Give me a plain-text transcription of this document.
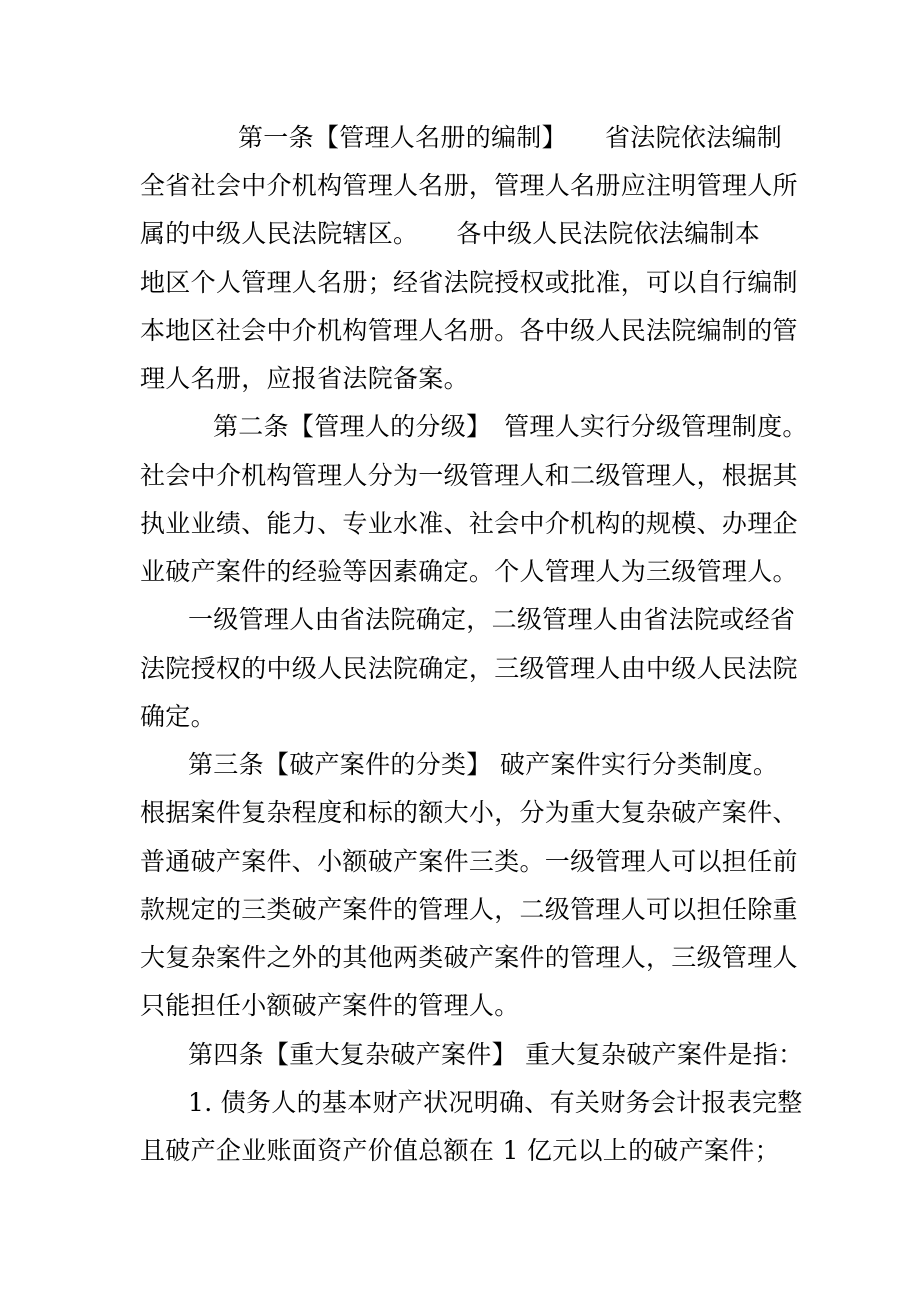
第一条【管理人名册的编制】　　省法院依法编制
全省社会中介机构管理人名册，管理人名册应注明管理人所
属的中级人民法院辖区。　　各中级人民法院依法编制本
地区个人管理人名册；经省法院授权或批准，可以自行编制
本地区社会中介机构管理人名册。各中级人民法院编制的管
理人名册，应报省法院备案。
第二条【管理人的分级】　管理人实行分级管理制度。
社会中介机构管理人分为一级管理人和二级管理人，根据其
执业业绩、能力、专业水准、社会中介机构的规模、办理企
业破产案件的经验等因素确定。个人管理人为三级管理人。
一级管理人由省法院确定，二级管理人由省法院或经省
法院授权的中级人民法院确定，三级管理人由中级人民法院
确定。
第三条【破产案件的分类】 破产案件实行分类制度。
根据案件复杂程度和标的额大小，分为重大复杂破产案件、
普通破产案件、小额破产案件三类。一级管理人可以担任前
款规定的三类破产案件的管理人，二级管理人可以担任除重
大复杂案件之外的其他两类破产案件的管理人，三级管理人
只能担任小额破产案件的管理人。
第四条【重大复杂破产案件】 重大复杂破产案件是指：
1. 债务人的基本财产状况明确、有关财务会计报表完整
且破产企业账面资产价值总额在 1 亿元以上的破产案件；
